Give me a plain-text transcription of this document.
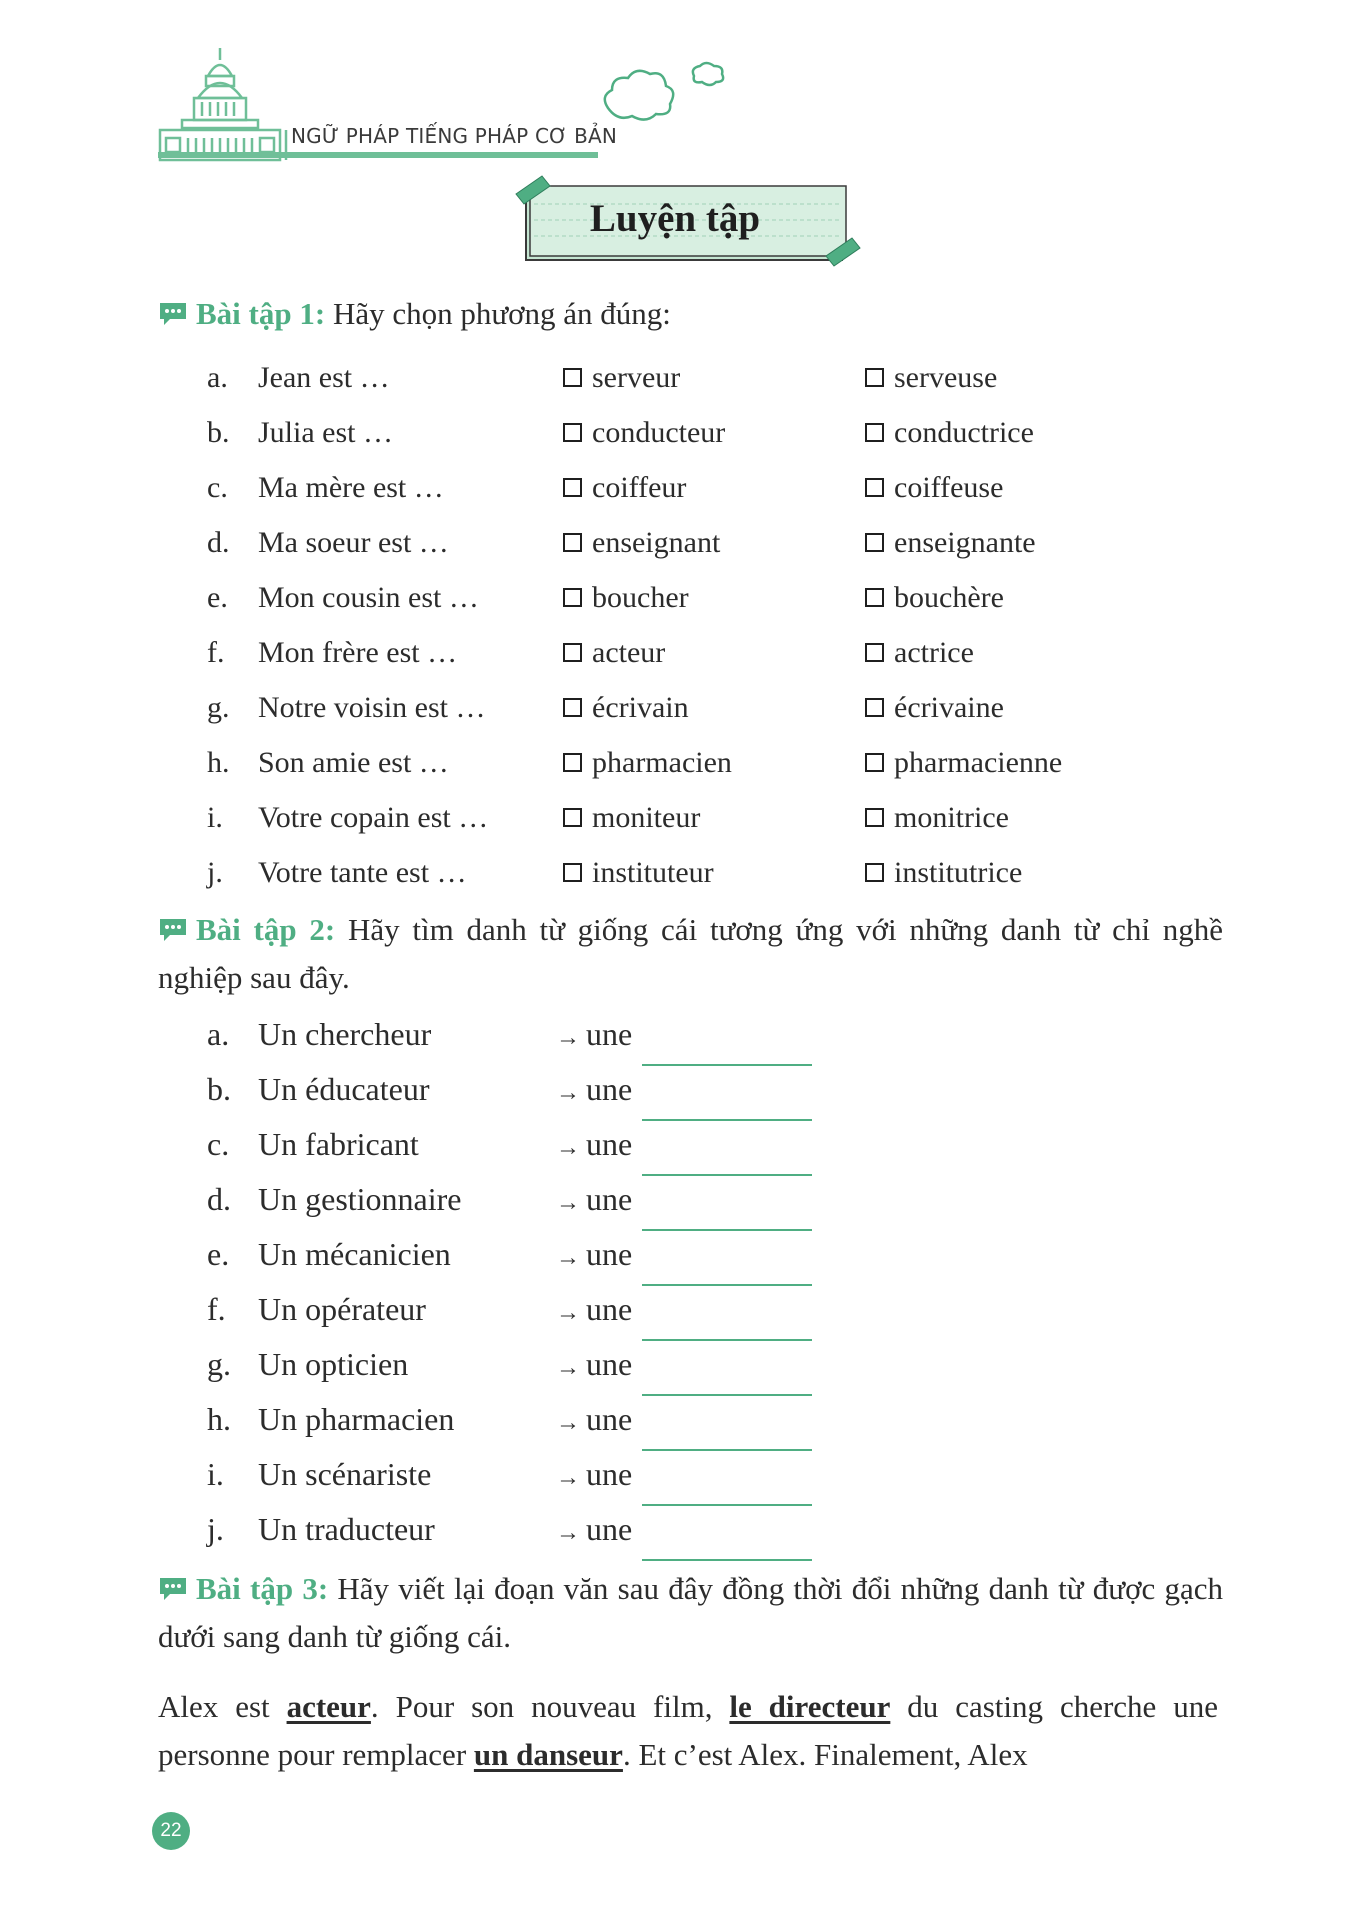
NGỮ PHÁP TIẾNG PHÁP CƠ BẢN
Luyện tập
Bài tập 1: Hãy chọn phương án đúng:
a. Jean est …	serveur	serveuse
b. Julia est …	conducteur	conductrice
c. Ma mère est …	coiffeur	coiffeuse
d. Ma soeur est …	enseignant	enseignante
e. Mon cousin est …	boucher	bouchère
f. Mon frère est …	acteur	actrice
g. Notre voisin est …	écrivain	écrivaine
h. Son amie est …	pharmacien	pharmacienne
i. Votre copain est …	moniteur	monitrice
j. Votre tante est …	instituteur	institutrice
Bài tập 2: Hãy tìm danh từ giống cái tương ứng với những danh từ chỉ nghề nghiệp sau đây.
a. Un chercheur	→ une
b. Un éducateur	→ une
c. Un fabricant	→ une
d. Un gestionnaire	→ une
e. Un mécanicien	→ une
f. Un opérateur	→ une
g. Un opticien	→ une
h. Un pharmacien	→ une
i. Un scénariste	→ une
j. Un traducteur	→ une
Bài tập 3: Hãy viết lại đoạn văn sau đây đồng thời đổi những danh từ được gạch dưới sang danh từ giống cái.
Alex est acteur. Pour son nouveau film, le directeur du casting cherche une personne pour remplacer un danseur. Et c’est Alex. Finalement, Alex
22
